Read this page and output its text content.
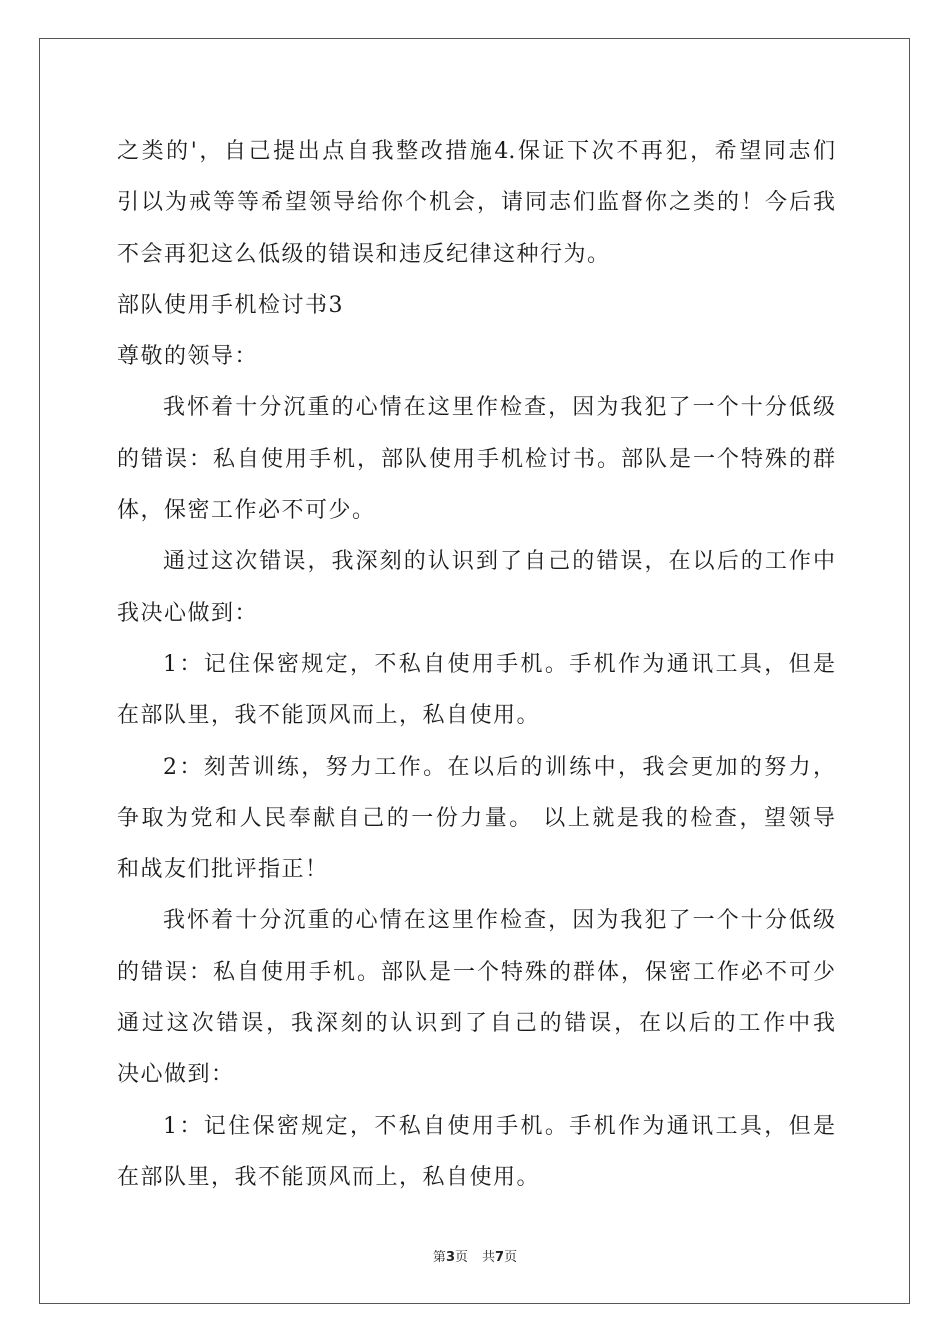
之类的'，自己提出点自我整改措施4.保证下次不再犯，希望同志们
引以为戒等等希望领导给你个机会，请同志们监督你之类的！今后我
不会再犯这么低级的错误和违反纪律这种行为。
部队使用手机检讨书3
尊敬的领导：
我怀着十分沉重的心情在这里作检查，因为我犯了一个十分低级
的错误：私自使用手机，部队使用手机检讨书。部队是一个特殊的群
体，保密工作必不可少。
通过这次错误，我深刻的认识到了自己的错误，在以后的工作中
我决心做到：
1：记住保密规定，不私自使用手机。手机作为通讯工具，但是
在部队里，我不能顶风而上，私自使用。
2：刻苦训练，努力工作。在以后的训练中，我会更加的努力，
争取为党和人民奉献自己的一份力量。 以上就是我的检查，望领导
和战友们批评指正！
我怀着十分沉重的心情在这里作检查，因为我犯了一个十分低级
的错误：私自使用手机。部队是一个特殊的群体，保密工作必不可少
通过这次错误，我深刻的认识到了自己的错误，在以后的工作中我
决心做到：
1：记住保密规定，不私自使用手机。手机作为通讯工具，但是
在部队里，我不能顶风而上，私自使用。
第3页 共7页
